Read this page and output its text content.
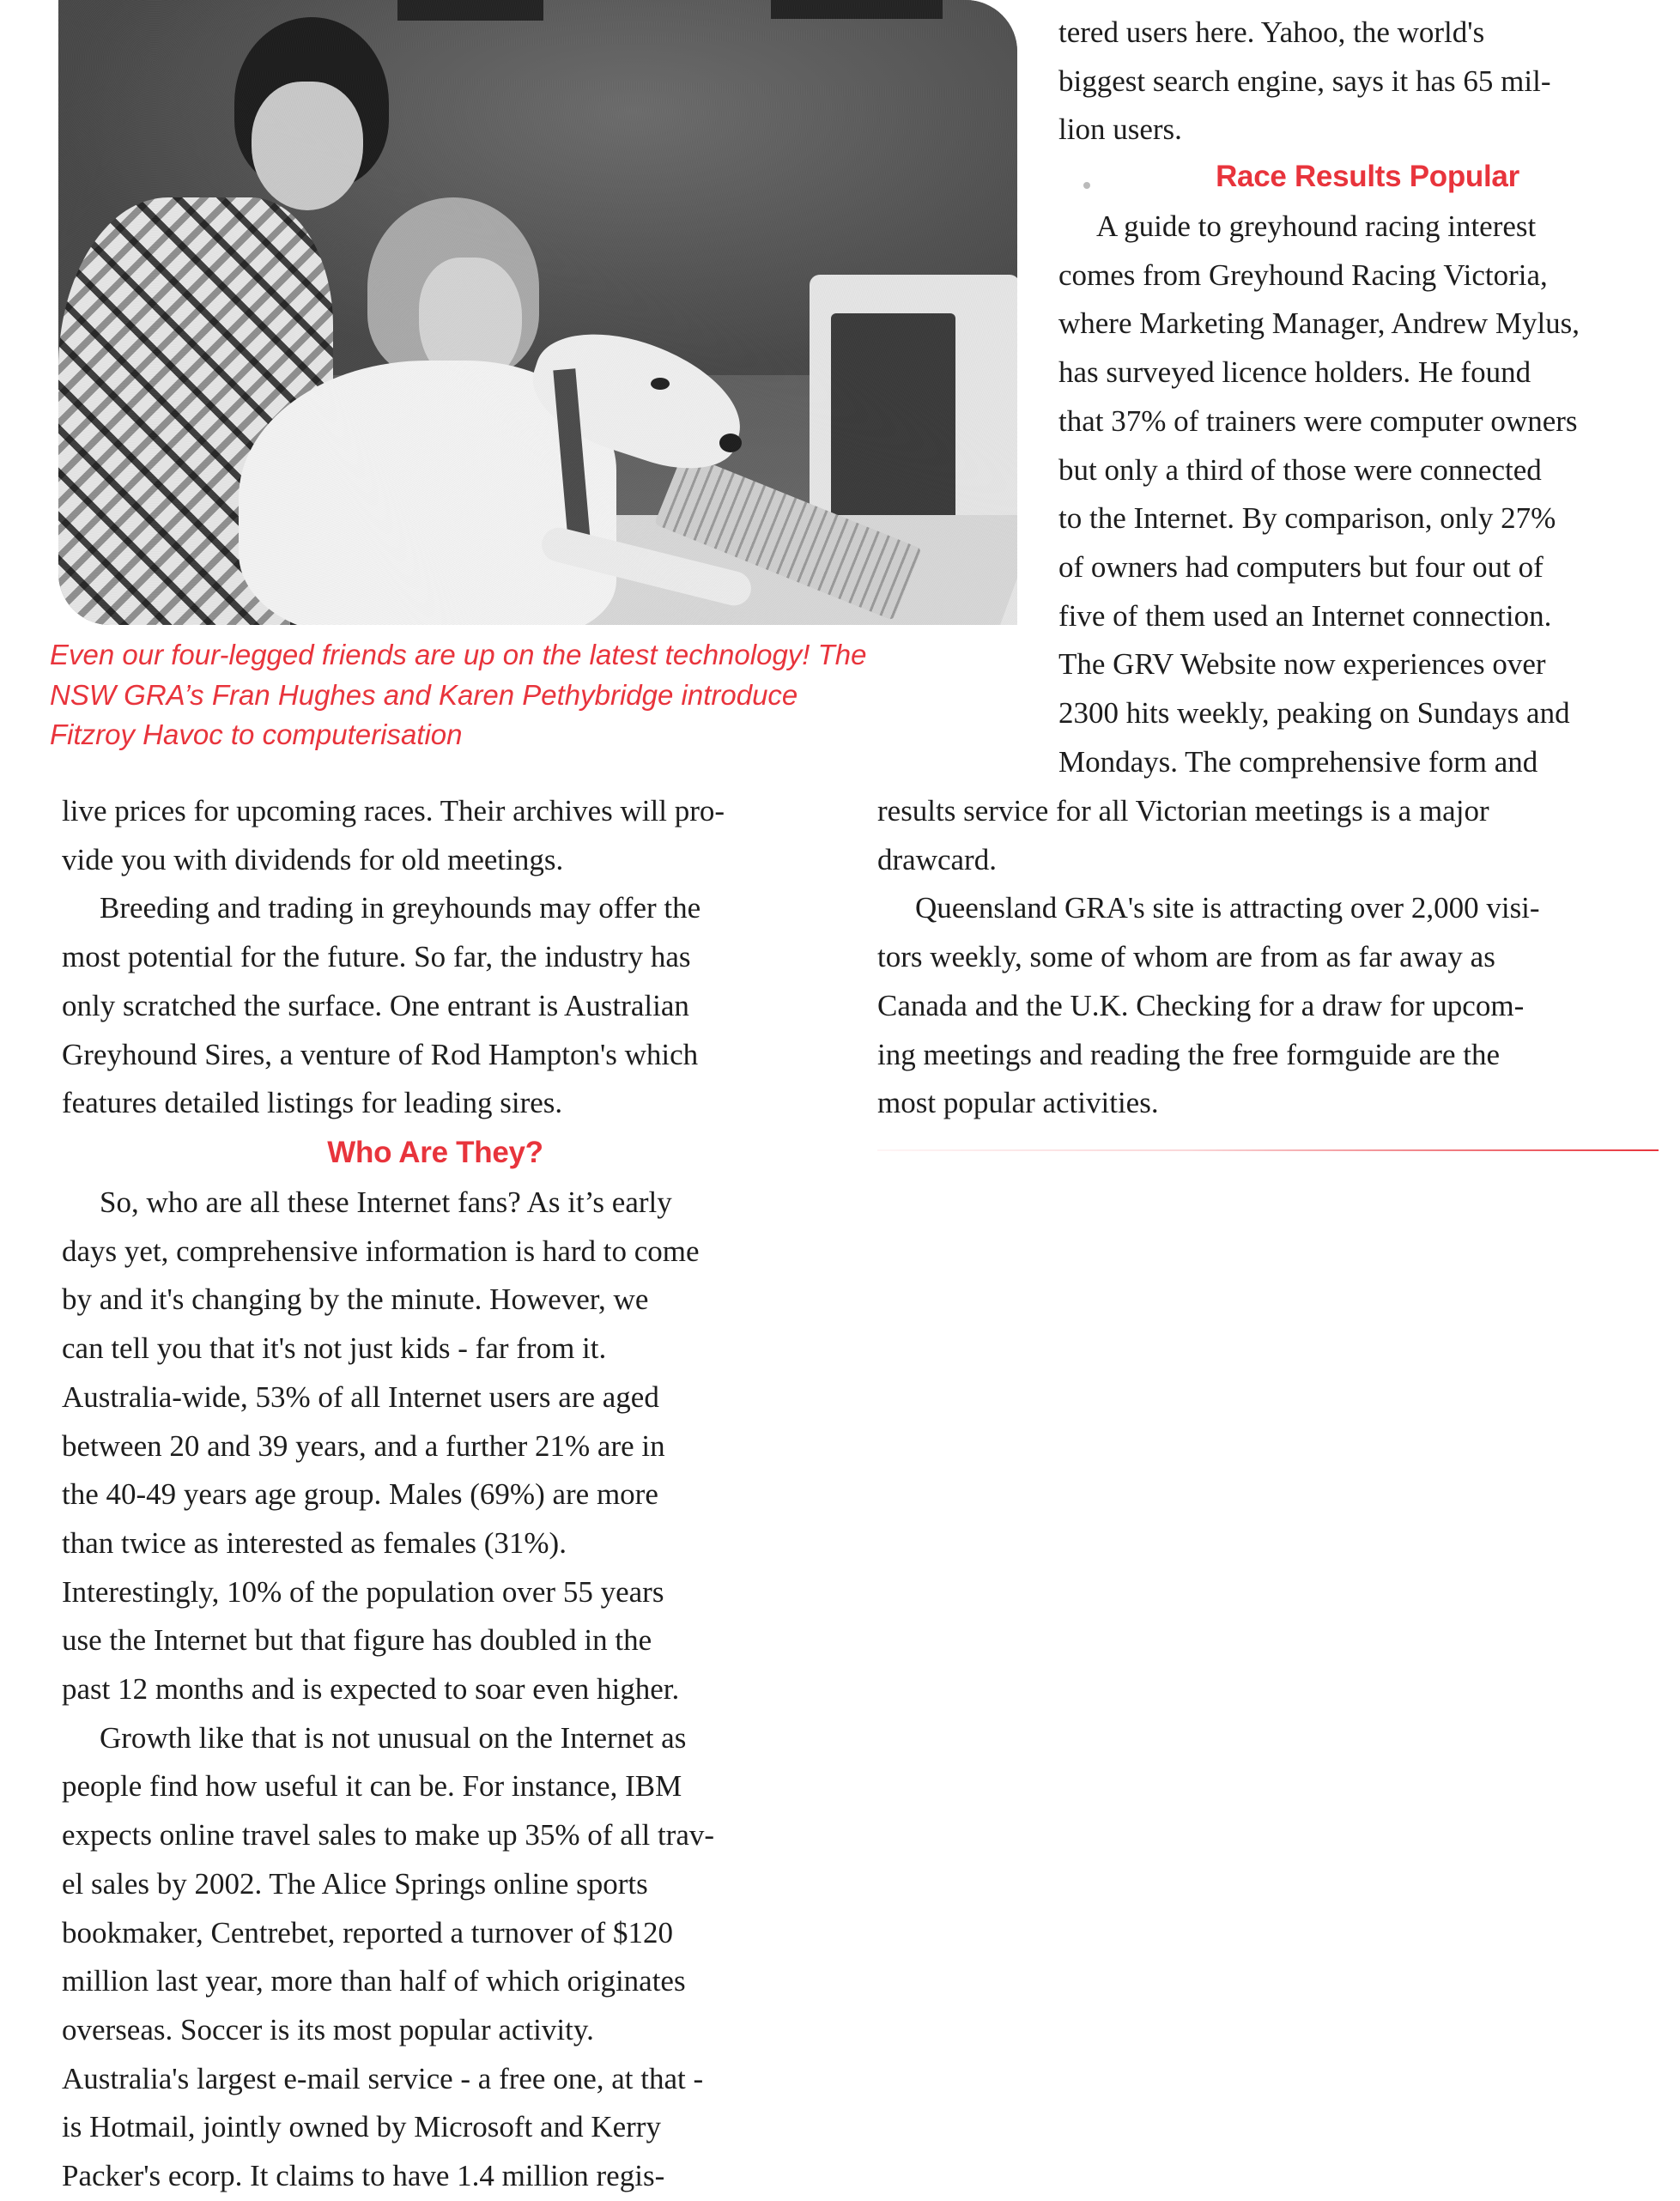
Even our four-legged friends are up on the latest technology! The
NSW GRA’s Fran Hughes and Karen Pethybridge introduce
Fitzroy Havoc to computerisation

tered users here. Yahoo, the world's
biggest search engine, says it has 65 mil-
lion users.

Race Results Popular

A guide to greyhound racing interest
comes from Greyhound Racing Victoria,
where Marketing Manager, Andrew Mylus,
has surveyed licence holders. He found
that 37% of trainers were computer owners
but only a third of those were connected
to the Internet. By comparison, only 27%
of owners had computers but four out of
five of them used an Internet connection.
The GRV Website now experiences over
2300 hits weekly, peaking on Sundays and
Mondays. The comprehensive form and

results service for all Victorian meetings is a major
drawcard.

Queensland GRA's site is attracting over 2,000 visi-
tors weekly, some of whom are from as far away as
Canada and the U.K. Checking for a draw for upcom-
ing meetings and reading the free formguide are the
most popular activities.

live prices for upcoming races. Their archives will pro-
vide you with dividends for old meetings.

Breeding and trading in greyhounds may offer the
most potential for the future. So far, the industry has
only scratched the surface. One entrant is Australian
Greyhound Sires, a venture of Rod Hampton's which
features detailed listings for leading sires.

Who Are They?

So, who are all these Internet fans? As it’s early
days yet, comprehensive information is hard to come
by and it's changing by the minute. However, we
can tell you that it's not just kids - far from it.
Australia-wide, 53% of all Internet users are aged
between 20 and 39 years, and a further 21% are in
the 40-49 years age group. Males (69%) are more
than twice as interested as females (31%).
Interestingly, 10% of the population over 55 years
use the Internet but that figure has doubled in the
past 12 months and is expected to soar even higher.

Growth like that is not unusual on the Internet as
people find how useful it can be. For instance, IBM
expects online travel sales to make up 35% of all trav-
el sales by 2002. The Alice Springs online sports
bookmaker, Centrebet, reported a turnover of $120
million last year, more than half of which originates
overseas. Soccer is its most popular activity.
Australia's largest e-mail service - a free one, at that -
is Hotmail, jointly owned by Microsoft and Kerry
Packer's ecorp. It claims to have 1.4 million regis-
